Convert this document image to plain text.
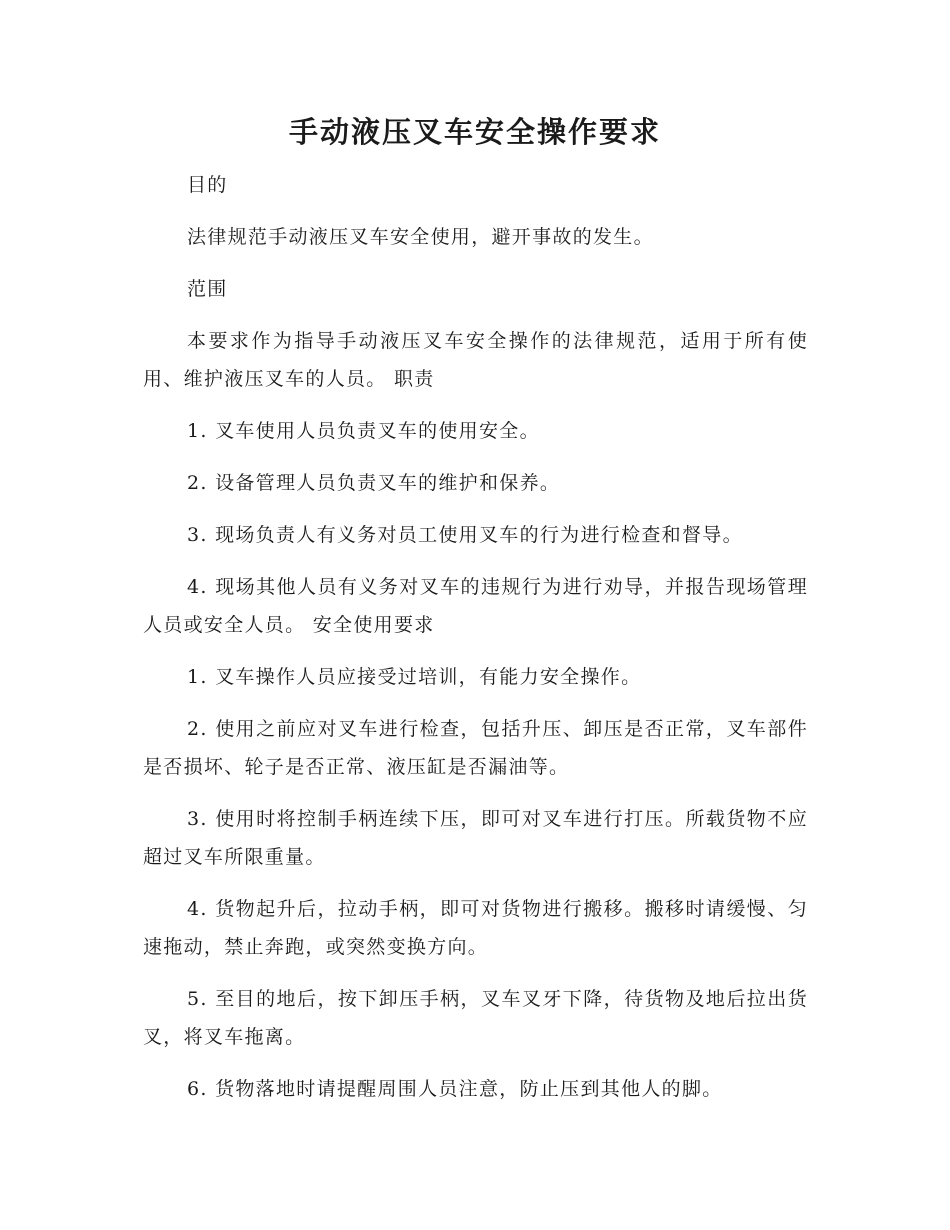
手动液压叉车安全操作要求

目的

法律规范手动液压叉车安全使用，避开事故的发生。

范围

本要求作为指导手动液压叉车安全操作的法律规范，适用于所有使用、维护液压叉车的人员。 职责

1. 叉车使用人员负责叉车的使用安全。

2. 设备管理人员负责叉车的维护和保养。

3. 现场负责人有义务对员工使用叉车的行为进行检查和督导。

4. 现场其他人员有义务对叉车的违规行为进行劝导，并报告现场管理人员或安全人员。 安全使用要求

1. 叉车操作人员应接受过培训，有能力安全操作。

2. 使用之前应对叉车进行检查，包括升压、卸压是否正常，叉车部件是否损坏、轮子是否正常、液压缸是否漏油等。

3. 使用时将控制手柄连续下压，即可对叉车进行打压。所载货物不应超过叉车所限重量。

4. 货物起升后，拉动手柄，即可对货物进行搬移。搬移时请缓慢、匀速拖动，禁止奔跑，或突然变换方向。

5. 至目的地后，按下卸压手柄，叉车叉牙下降，待货物及地后拉出货叉，将叉车拖离。

6. 货物落地时请提醒周围人员注意，防止压到其他人的脚。
